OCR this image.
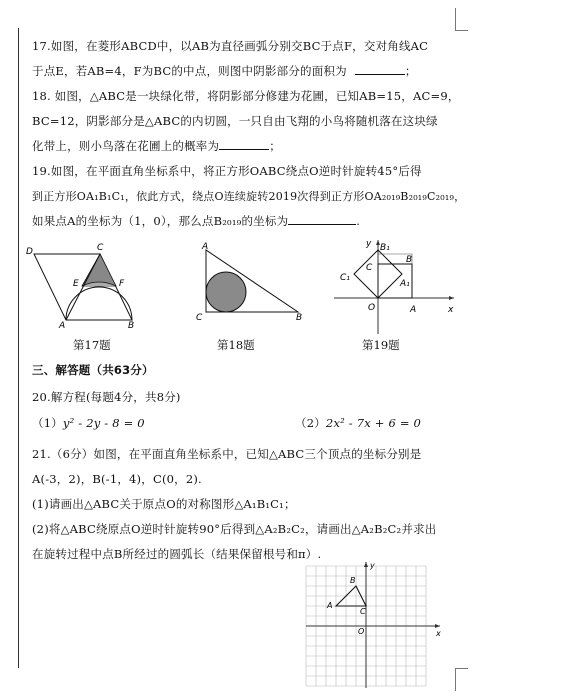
17.如图，在菱形ABCD中，以AB为直径画弧分别交BC于点F，交对角线AC
于点E，若AB=4，F为BC的中点，则图中阴影部分的面积为	；
18. 如图，△ABC是一块绿化带，将阴影部分修建为花圃，已知AB=15，AC=9，
BC=12，阴影部分是△ABC的内切圆，一只自由飞翔的小鸟将随机落在这块绿
化带上，则小鸟落在花圃上的概率为	；
19.如图，在平面直角坐标系中，将正方形OABC绕点O逆时针旋转45°后得
到正方形OA₁B₁C₁，依此方式，绕点O连续旋转2019次得到正方形OA₂₀₁₉B₂₀₁₉C₂₀₁₉，
如果点A的坐标为（1，0），那么点B₂₀₁₉的坐标为	.
D	C
E	F
A	B
A
C	B
y B₁
B
C₁
C
A₁
O	A	x
第17题	第18题	第19题
三、解答题（共63分）
20.解方程(每题4分，共8分)
（1）y² - 2y - 8 = 0	（2）2x² - 7x + 6 = 0
21.（6分）如图，在平面直角坐标系中，已知△ABC三个顶点的坐标分别是
A(-3，2)，B(-1，4)，C(0，2).
(1)请画出△ABC关于原点O的对称图形△A₁B₁C₁；
(2)将△ABC绕原点O逆时针旋转90°后得到△A₂B₂C₂，请画出△A₂B₂C₂并求出
在旋转过程中点B所经过的圆弧长（结果保留根号和π）.
y
x
O
A
B
C
